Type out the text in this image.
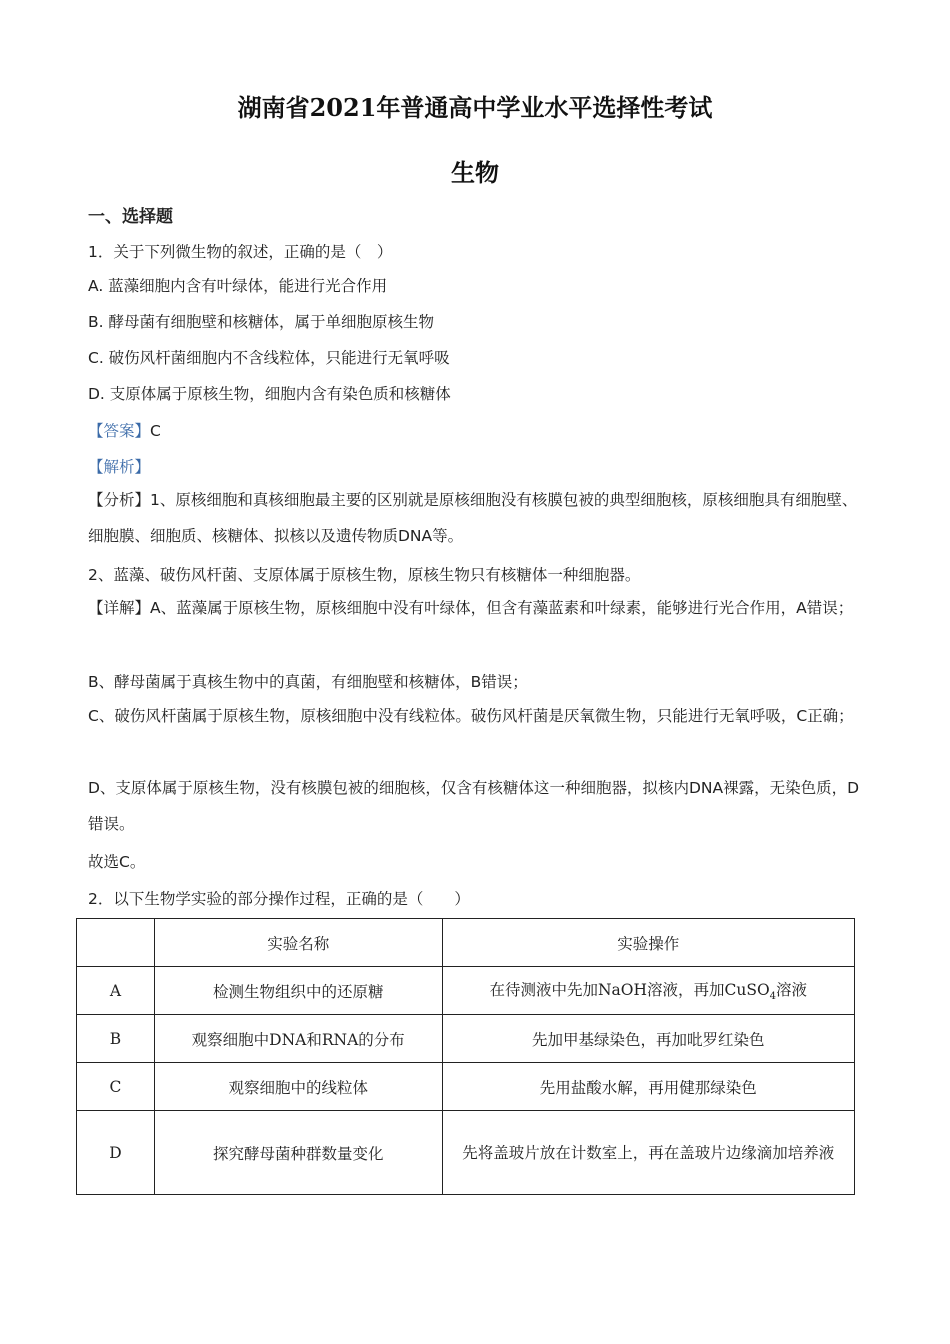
湖南省2021年普通高中学业水平选择性考试
生物
一、选择题
1．关于下列微生物的叙述，正确的是（　）
A. 蓝藻细胞内含有叶绿体，能进行光合作用
B. 酵母菌有细胞壁和核糖体，属于单细胞原核生物
C. 破伤风杆菌细胞内不含线粒体，只能进行无氧呼吸
D. 支原体属于原核生物，细胞内含有染色质和核糖体
【答案】C
【解析】
【分析】1、原核细胞和真核细胞最主要的区别就是原核细胞没有核膜包被的典型细胞核，原核细胞具有细胞壁、细胞膜、细胞质、核糖体、拟核以及遗传物质DNA等。
2、蓝藻、破伤风杆菌、支原体属于原核生物，原核生物只有核糖体一种细胞器。
【详解】A、蓝藻属于原核生物，原核细胞中没有叶绿体，但含有藻蓝素和叶绿素，能够进行光合作用，A错误；
B、酵母菌属于真核生物中的真菌，有细胞壁和核糖体，B错误；
C、破伤风杆菌属于原核生物，原核细胞中没有线粒体。破伤风杆菌是厌氧微生物，只能进行无氧呼吸，C正确；
D、支原体属于原核生物，没有核膜包被的细胞核，仅含有核糖体这一种细胞器，拟核内DNA裸露，无染色质，D错误。
故选C。
2．以下生物学实验的部分操作过程，正确的是（　　）
	实验名称	实验操作
A	检测生物组织中的还原糖	在待测液中先加NaOH溶液，再加CuSO$_4$溶液
B	观察细胞中DNA和RNA的分布	先加甲基绿染色，再加吡罗红染色
C	观察细胞中的线粒体	先用盐酸水解，再用健那绿染色
D	探究酵母菌种群数量变化	先将盖玻片放在计数室上，再在盖玻片边缘滴加培养液
